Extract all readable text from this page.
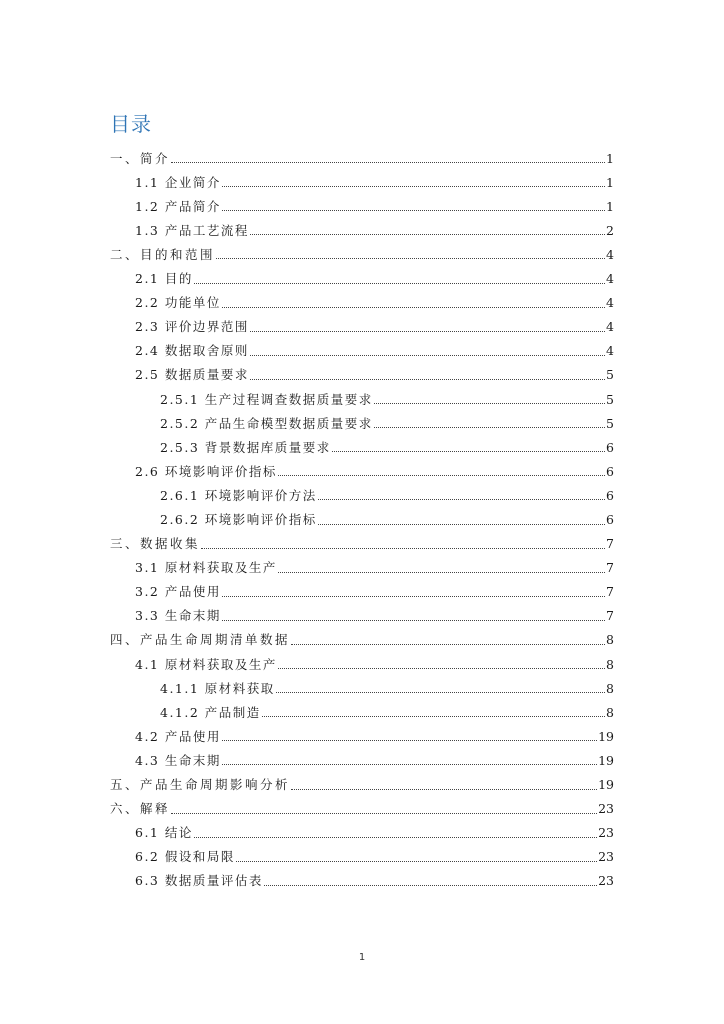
目录
一、简介	1
1.1 企业简介	1
1.2 产品简介	1
1.3 产品工艺流程	2
二、目的和范围	4
2.1 目的	4
2.2 功能单位	4
2.3 评价边界范围	4
2.4 数据取舍原则	4
2.5 数据质量要求	5
2.5.1 生产过程调查数据质量要求	5
2.5.2 产品生命模型数据质量要求	5
2.5.3 背景数据库质量要求	6
2.6 环境影响评价指标	6
2.6.1 环境影响评价方法	6
2.6.2 环境影响评价指标	6
三、数据收集	7
3.1 原材料获取及生产	7
3.2 产品使用	7
3.3 生命末期	7
四、产品生命周期清单数据	8
4.1 原材料获取及生产	8
4.1.1 原材料获取	8
4.1.2 产品制造	8
4.2 产品使用	19
4.3 生命末期	19
五、产品生命周期影响分析	19
六、解释	23
6.1 结论	23
6.2 假设和局限	23
6.3 数据质量评估表	23
1
